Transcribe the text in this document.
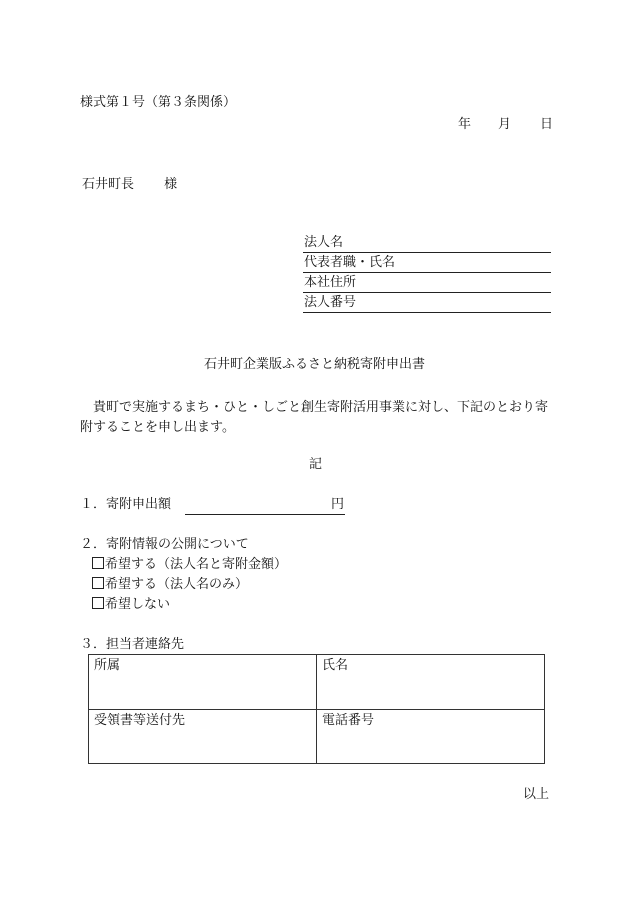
様式第１号（第３条関係）
年 月 日
石井町長 様
法人名
代表者職・氏名
本社住所
法人番号
石井町企業版ふるさと納税寄附申出書
貴町で実施するまち・ひと・しごと創生寄附活用事業に対し、下記のとおり寄附することを申し出ます。
記
１．寄附申出額	円
２．寄附情報の公開について
希望する（法人名と寄附金額）
希望する（法人名のみ）
希望しない
３．担当者連絡先
所属	氏名
受領書等送付先	電話番号
以上
